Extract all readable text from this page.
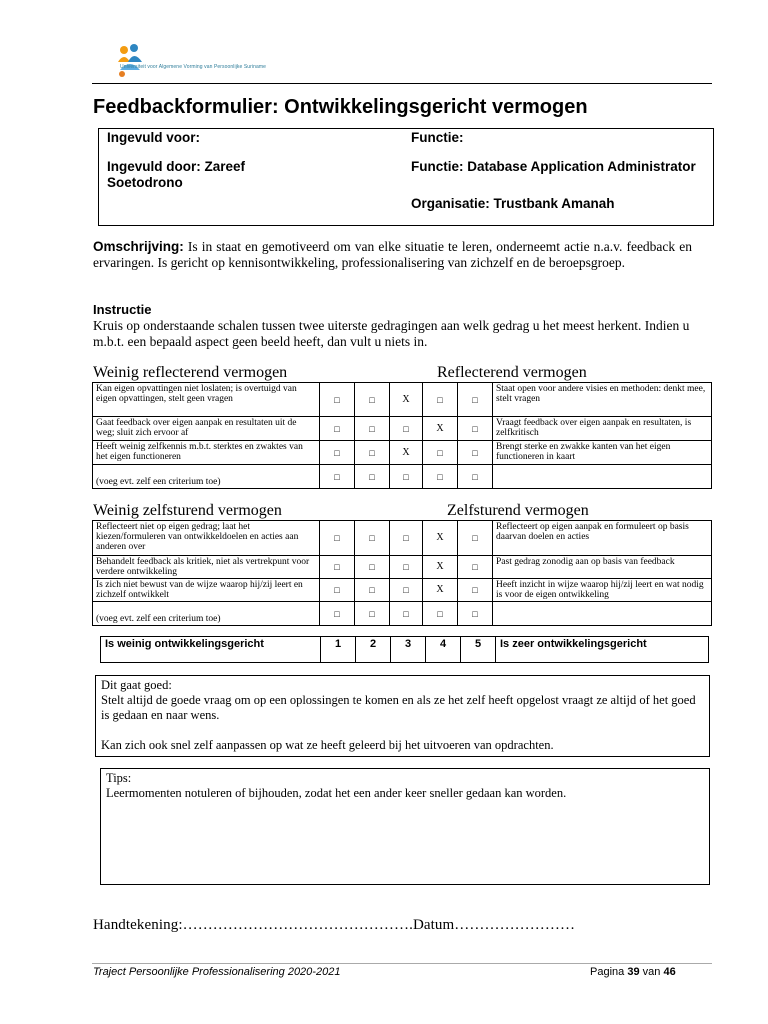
Universiteit voor Algemene Vorming van Persoonlijke Suriname
Feedbackformulier: Ontwikkelingsgericht vermogen
Ingevuld voor:
Ingevuld door: Zareef
Soetodrono
Functie:
Functie: Database Application Administrator
Organisatie: Trustbank Amanah
Omschrijving: Is in staat en gemotiveerd om van elke situatie te leren, onderneemt actie n.a.v. feedback en ervaringen. Is gericht op kennisontwikkeling, professionalisering van zichzelf en de beroepsgroep.
Instructie
Kruis op onderstaande schalen tussen twee uiterste gedragingen aan welk gedrag u het meest herkent. Indien u m.b.t. een bepaald aspect geen beeld heeft, dan vult u niets in.
Weinig reflecterend vermogen	Reflecterend vermogen
Kan eigen opvattingen niet loslaten; is overtuigd van eigen opvattingen, stelt geen vragen	□	□	X	□	□	Staat open voor andere visies en methoden: denkt mee, stelt vragen
Gaat feedback over eigen aanpak en resultaten uit de weg; sluit zich ervoor af	□	□	□	X	□	Vraagt feedback over eigen aanpak en resultaten, is zelfkritisch
Heeft weinig zelfkennis m.b.t. sterktes en zwaktes van het eigen functioneren	□	□	X	□	□	Brengt sterke en zwakke kanten van het eigen functioneren in kaart
(voeg evt. zelf een criterium toe)	□	□	□	□	□	
Weinig zelfsturend vermogen	Zelfsturend vermogen
Reflecteert niet op eigen gedrag; laat het kiezen/formuleren van ontwikkeldoelen en acties aan anderen over	□	□	□	X	□	Reflecteert op eigen aanpak en formuleert op basis daarvan doelen en acties
Behandelt feedback als kritiek, niet als vertrekpunt voor verdere ontwikkeling	□	□	□	X	□	Past gedrag zonodig aan op basis van feedback
Is zich niet bewust van de wijze waarop hij/zij leert en zichzelf ontwikkelt	□	□	□	X	□	Heeft inzicht in wijze waarop hij/zij leert en wat nodig is voor de eigen ontwikkeling
(voeg evt. zelf een criterium toe)	□	□	□	□	□	
Is weinig ontwikkelingsgericht	1	2	3	4	5	Is zeer ontwikkelingsgericht
Dit gaat goed:
Stelt altijd de goede vraag om op een oplossingen te komen en als ze het zelf heeft opgelost vraagt ze altijd of het goed is gedaan en naar wens.
Kan zich ook snel zelf aanpassen op wat ze heeft geleerd bij het uitvoeren van opdrachten.
Tips:
Leermomenten notuleren of bijhouden, zodat het een ander keer sneller gedaan kan worden.
Handtekening:……………………………………….Datum……………………
Traject Persoonlijke Professionalisering 2020-2021	Pagina 39 van 46
